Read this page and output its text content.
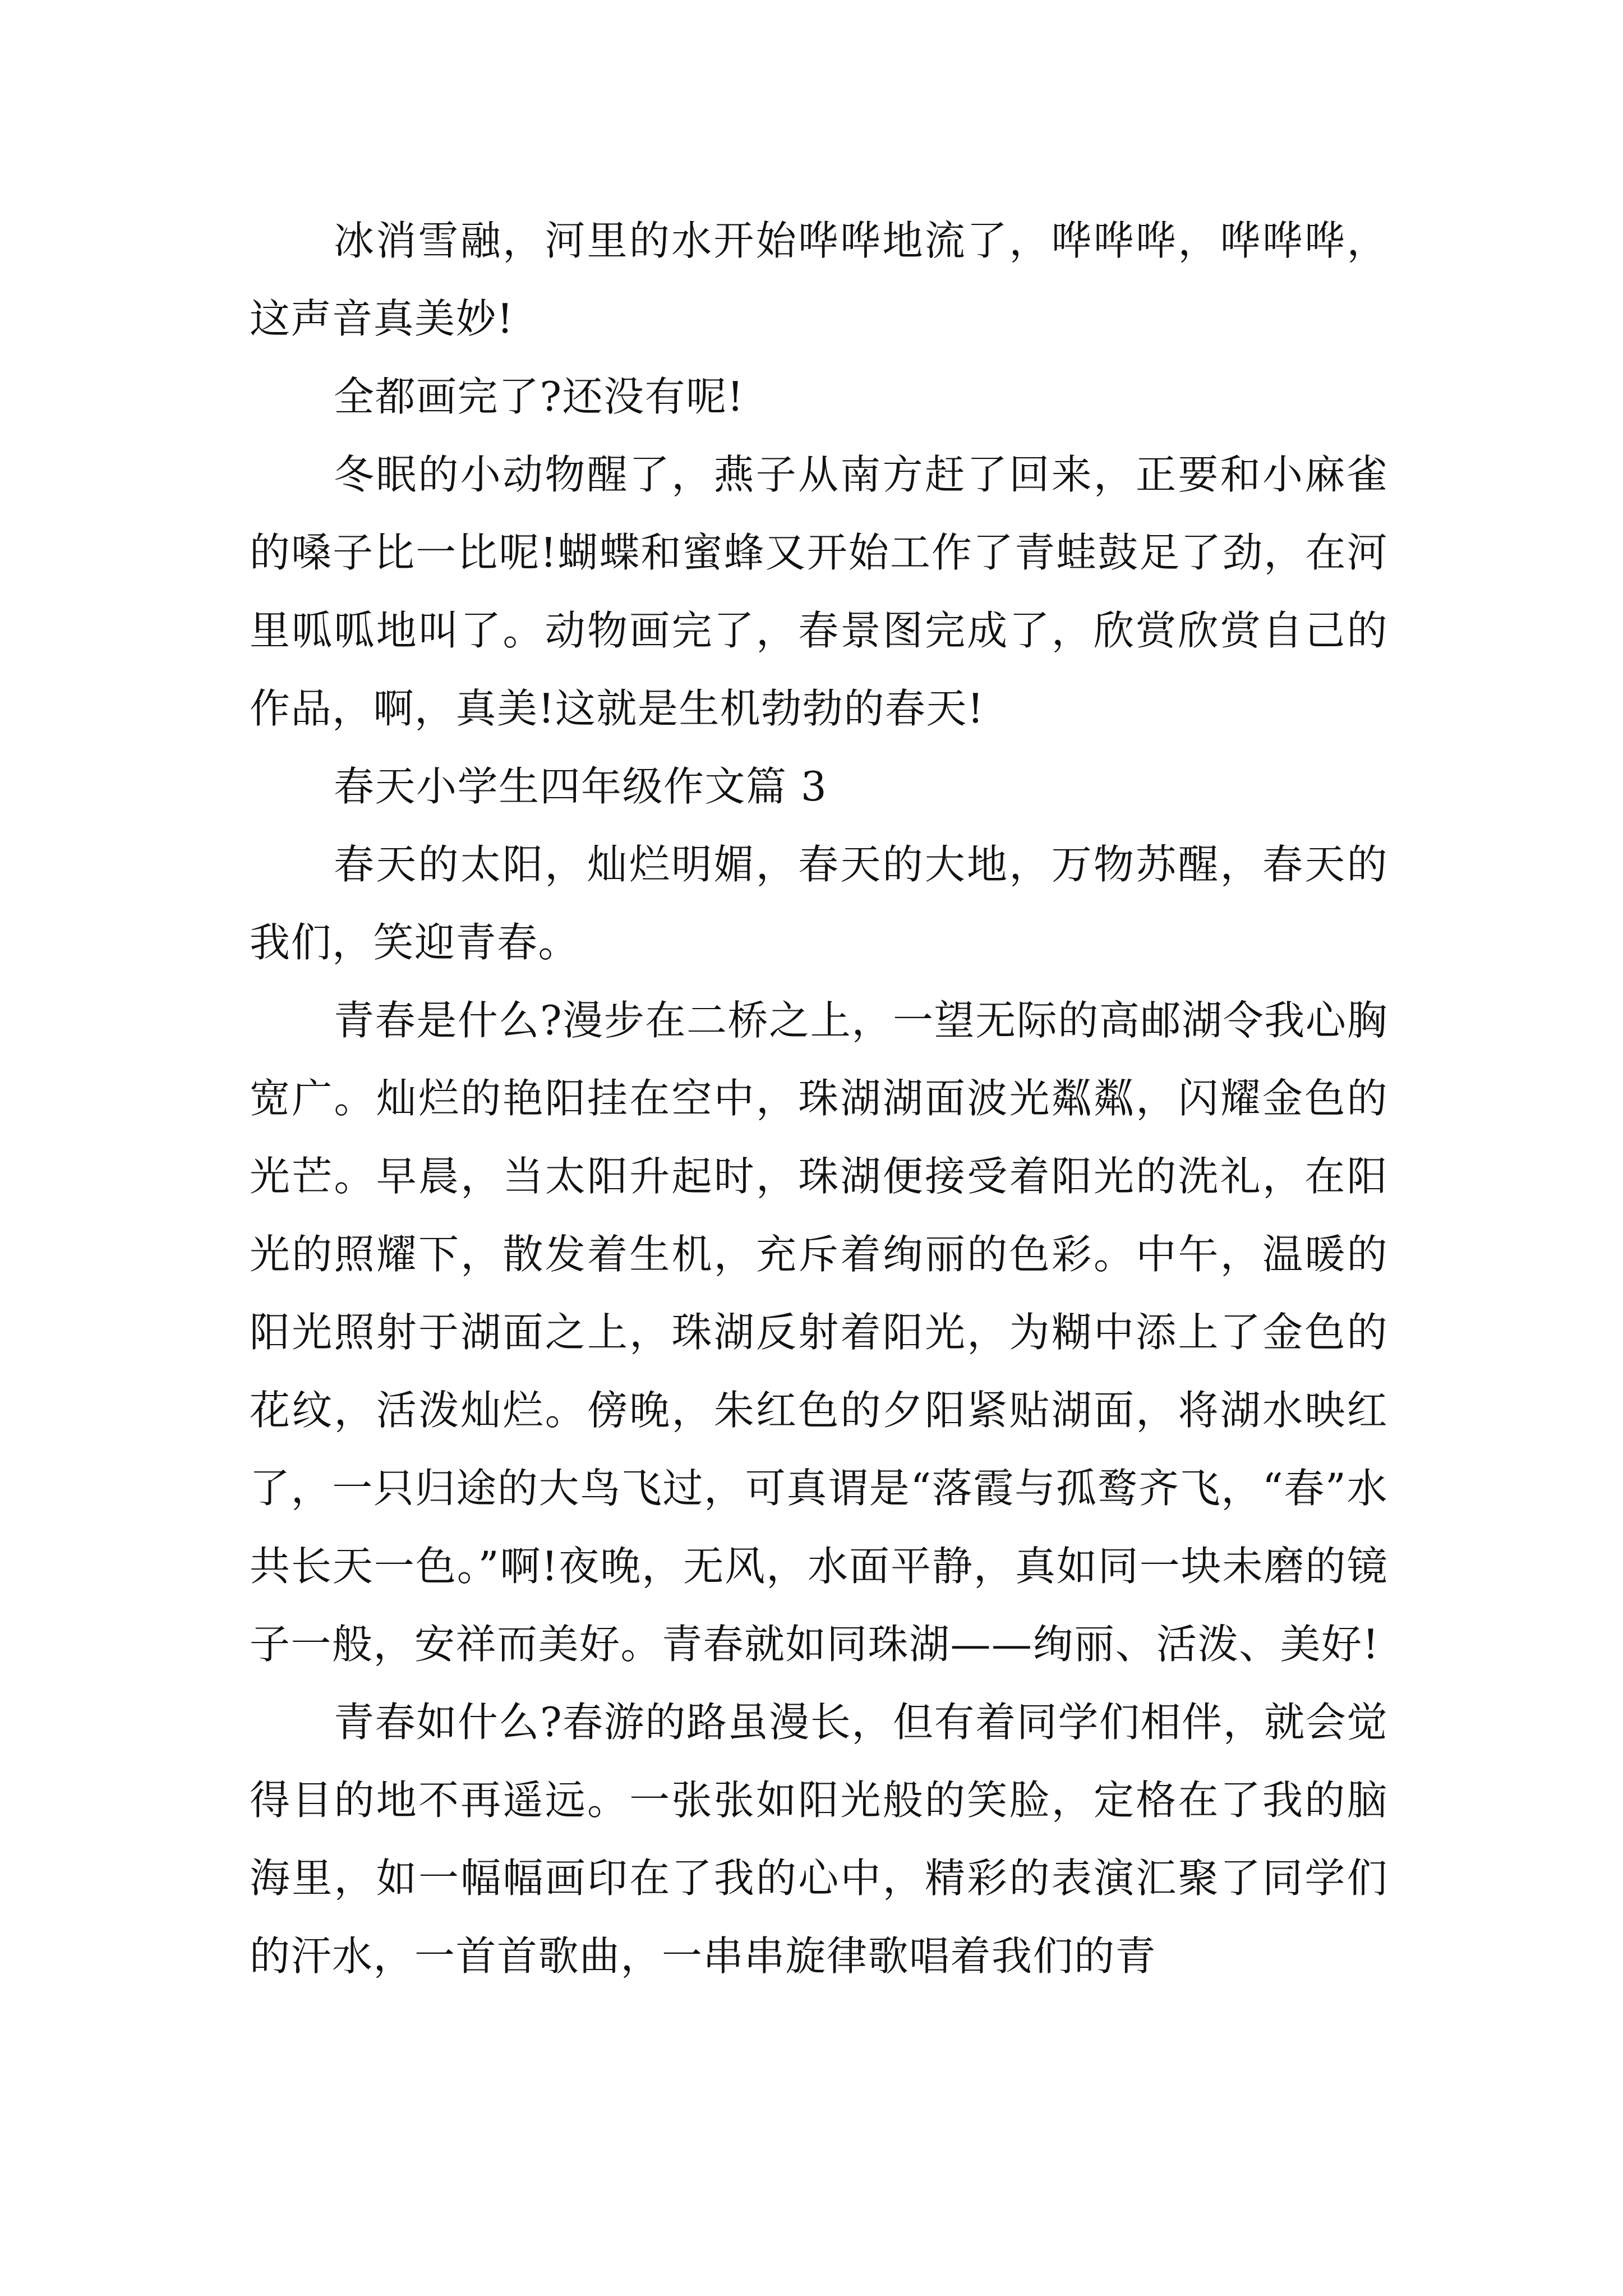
冰消雪融，河里的水开始哗哗地流了，哗哗哗，哗哗哗，这声音真美妙!

全都画完了?还没有呢!

冬眠的小动物醒了，燕子从南方赶了回来，正要和小麻雀的嗓子比一比呢!蝴蝶和蜜蜂又开始工作了青蛙鼓足了劲，在河里呱呱地叫了。动物画完了，春景图完成了，欣赏欣赏自己的作品，啊，真美!这就是生机勃勃的春天!

春天小学生四年级作文篇 3

春天的太阳，灿烂明媚，春天的大地，万物苏醒，春天的我们，笑迎青春。

青春是什么?漫步在二桥之上，一望无际的高邮湖令我心胸宽广。灿烂的艳阳挂在空中，珠湖湖面波光粼粼，闪耀金色的光芒。早晨，当太阳升起时，珠湖便接受着阳光的洗礼，在阳光的照耀下，散发着生机，充斥着绚丽的色彩。中午，温暖的阳光照射于湖面之上，珠湖反射着阳光，为糊中添上了金色的花纹，活泼灿烂。傍晚，朱红色的夕阳紧贴湖面，将湖水映红了，一只归途的大鸟飞过，可真谓是“落霞与孤鹜齐飞，“春”水共长天一色。”啊!夜晚，无风，水面平静，真如同一块未磨的镜子一般，安祥而美好。青春就如同珠湖——绚丽、活泼、美好!

青春如什么?春游的路虽漫长，但有着同学们相伴，就会觉得目的地不再遥远。一张张如阳光般的笑脸，定格在了我的脑海里，如一幅幅画印在了我的心中，精彩的表演汇聚了同学们的汗水，一首首歌曲，一串串旋律歌唱着我们的青
